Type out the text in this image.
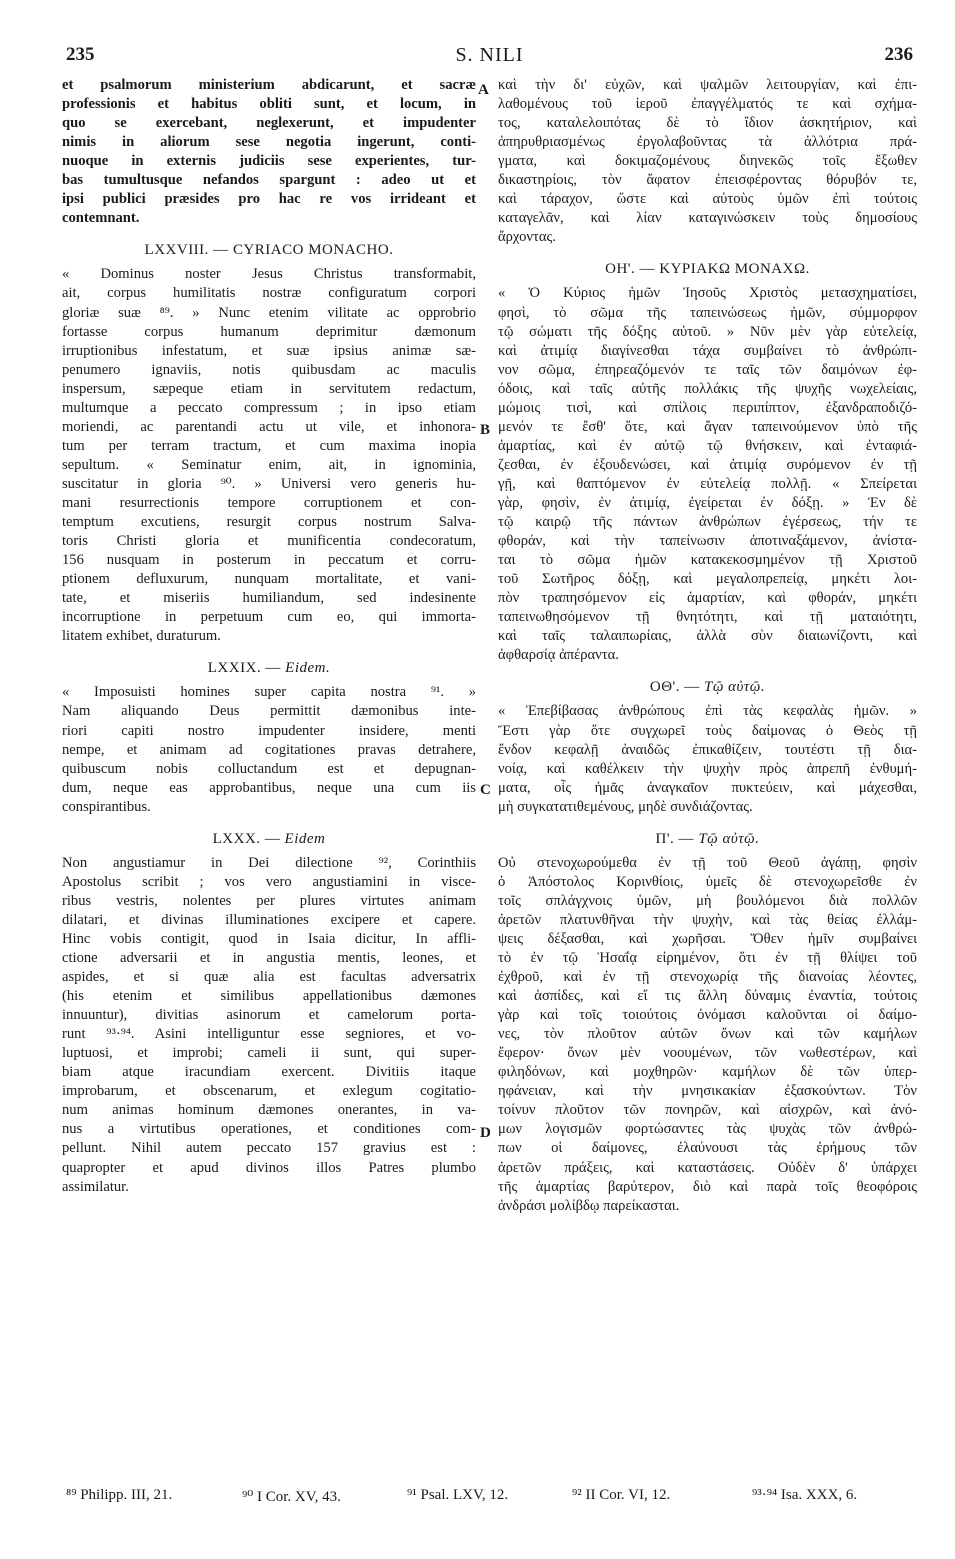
235	S. NILI	236
A
B
C
D
et psalmorum ministerium abdicarunt, et sacræ
professionis et habitus obliti sunt, et locum, in
quo se exercebant, neglexerunt, et impudenter
nimis in aliorum sese negotia ingerunt, conti-
nuoque in externis judiciis sese experientes, tur-
bas tumultusque nefandos spargunt : adeo ut et
ipsi publici præsides pro hac re vos irrideant et
contemnant.
LXXVIII. — CYRIACO MONACHO.
« Dominus noster Jesus Christus transformabit,
ait, corpus humilitatis nostræ configuratum corpori
gloriæ suæ ⁸⁹. » Nunc etenim vilitate ac opprobrio
fortasse corpus humanum deprimitur dæmonum
irruptionibus infestatum, et suæ ipsius animæ sæ-
penumero ignaviis, notis quibusdam ac maculis
inspersum, sæpeque etiam in servitutem redactum,
multumque a peccato compressum ; in ipso etiam
moriendi, ac parentandi actu ut vile, et inhonora-
tum per terram tractum, et cum maxima inopia
sepultum. « Seminatur enim, ait, in ignominia,
suscitatur in gloria ⁹⁰. » Universi vero generis hu-
mani resurrectionis tempore corruptionem et con-
temptum excutiens, resurgit corpus nostrum Salva-
toris Christi gloria et munificentia condecoratum,
156 nusquam in posterum in peccatum et corru-
ptionem defluxurum, nunquam mortalitate, et vani-
tate, et miseriis humiliandum, sed indesinente
incorruptione in perpetuum cum eo, qui immorta-
litatem exhibet, duraturum.
LXXIX. — Eidem.
« Imposuisti homines super capita nostra ⁹¹. »
Nam aliquando Deus permittit dæmonibus inte-
riori capiti nostro impudenter insidere, menti
nempe, et animam ad cogitationes pravas detrahere,
quibuscum nobis colluctandum est et depugnan-
dum, neque eas approbantibus, neque una cum iis
conspirantibus.
LXXX. — Eidem
Non angustiamur in Dei dilectione ⁹², Corinthiis
Apostolus scribit ; vos vero angustiamini in visce-
ribus vestris, nolentes per plures virtutes animam
dilatari, et divinas illuminationes excipere et capere.
Hinc vobis contigit, quod in Isaia dicitur, In affli-
ctione adversarii et in angustia mentis, leones, et
aspides, et si quæ alia est facultas adversatrix
(his etenim et similibus appellationibus dæmones
innuuntur), divitias asinorum et camelorum porta-
runt ⁹³·⁹⁴. Asini intelliguntur esse segniores, et vo-
luptuosi, et improbi; cameli ii sunt, qui super-
biam atque iracundiam exercent. Divitiis itaque
improbarum, et obscenarum, et exlegum cogitatio-
num animas hominum dæmones onerantes, in va-
nus a virtutibus operationes, et conditiones com-
pellunt. Nihil autem peccato 157 gravius est :
quapropter et apud divinos illos Patres plumbo
assimilatur.
καὶ τὴν δι' εὐχῶν, καὶ ψαλμῶν λειτουργίαν, καὶ ἐπι-
λαθομένους τοῦ ἱεροῦ ἐπαγγέλματός τε καὶ σχήμα-
τος, καταλελοιπότας δὲ τὸ ἴδιον ἀσκητήριον, καὶ
ἀπηρυθριασμένως ἐργολαβοῦντας τὰ ἀλλότρια πρά-
γματα, καὶ δοκιμαζομένους διηνεκῶς τοῖς ἔξωθεν
δικαστηρίοις, τὸν ἄφατον ἐπεισφέροντας θόρυβόν τε,
καὶ τάραχον, ὥστε καὶ αὐτοὺς ὑμῶν ἐπὶ τούτοις
καταγελᾶν, καὶ λίαν καταγινώσκειν τοὺς δημοσίους
ἄρχοντας.
ΟΗ'. — ΚΥΡΙΑΚΩ ΜΟΝΑΧΩ.
« Ὁ Κύριος ἡμῶν Ἰησοῦς Χριστὸς μετασχηματίσει,
φησὶ, τὸ σῶμα τῆς ταπεινώσεως ἡμῶν, σύμμορφον
τῷ σώματι τῆς δόξης αὐτοῦ. » Νῦν μὲν γὰρ εὐτελείᾳ,
καὶ ἀτιμίᾳ διαγίνεσθαι τάχα συμβαίνει τὸ ἀνθρώπι-
νον σῶμα, ἐπηρεαζόμενόν τε ταῖς τῶν δαιμόνων ἐφ-
όδοις, καὶ ταῖς αὐτῆς πολλάκις τῆς ψυχῆς νωχελείαις,
μώμοις τισὶ, καὶ σπίλοις περιπίπτον, ἐξανδραποδιζό-
μενόν τε ἔσθ' ὅτε, καὶ ἄγαν ταπεινούμενον ὑπὸ τῆς
ἁμαρτίας, καὶ ἐν αὐτῷ τῷ θνήσκειν, καὶ ἐνταφιά-
ζεσθαι, ἐν ἐξουδενώσει, καὶ ἀτιμίᾳ συρόμενον ἐν τῇ
γῇ, καὶ θαπτόμενον ἐν εὐτελείᾳ πολλῇ. « Σπείρεται
γὰρ, φησὶν, ἐν ἀτιμίᾳ, ἐγείρεται ἐν δόξῃ. » Ἐν δὲ
τῷ καιρῷ τῆς πάντων ἀνθρώπων ἐγέρσεως, τήν τε
φθοράν, καὶ τὴν ταπείνωσιν ἀποτιναξάμενον, ἀνίστα-
ται τὸ σῶμα ἡμῶν κατακεκοσμημένον τῇ Χριστοῦ
τοῦ Σωτῆρος δόξῃ, καὶ μεγαλοπρεπείᾳ, μηκέτι λοι-
πὸν τραπησόμενον εἰς ἁμαρτίαν, καὶ φθοράν, μηκέτι
ταπεινωθησόμενον τῇ θνητότητι, καὶ τῇ ματαιότητι,
καὶ ταῖς ταλαιπωρίαις, ἀλλὰ σὺν διαιωνίζοντι, καὶ
ἀφθαρσίᾳ ἀπέραντα.
ΟΘ'. — Τῷ αὐτῷ.
« Ἐπεβίβασας ἀνθρώπους ἐπὶ τὰς κεφαλὰς ἡμῶν. »
Ἔστι γὰρ ὅτε συγχωρεῖ τοὺς δαίμονας ὁ Θεὸς τῇ
ἔνδον κεφαλῇ ἀναιδῶς ἐπικαθίζειν, τουτέστι τῇ δια-
νοίᾳ, καὶ καθέλκειν τὴν ψυχὴν πρὸς ἀπρεπῆ ἐνθυμή-
ματα, οἷς ἡμᾶς ἀναγκαῖον πυκτεύειν, καὶ μάχεσθαι,
μὴ συγκατατιθεμένους, μηδὲ συνδιάζοντας.
Π'. — Τῷ αὐτῷ.
Οὐ στενοχωρούμεθα ἐν τῇ τοῦ Θεοῦ ἀγάπῃ, φησὶν
ὁ Ἀπόστολος Κορινθίοις, ὑμεῖς δὲ στενοχωρεῖσθε ἐν
τοῖς σπλάγχνοις ὑμῶν, μὴ βουλόμενοι διὰ πολλῶν
ἀρετῶν πλατυνθῆναι τὴν ψυχὴν, καὶ τὰς θείας ἐλλάμ-
ψεις δέξασθαι, καὶ χωρῆσαι. Ὅθεν ἡμῖν συμβαίνει
τὸ ἐν τῷ Ἡσαΐᾳ εἰρημένον, ὅτι ἐν τῇ θλίψει τοῦ
ἐχθροῦ, καὶ ἐν τῇ στενοχωρίᾳ τῆς διανοίας λέοντες,
καὶ ἀσπίδες, καὶ εἴ τις ἄλλη δύναμις ἐναντία, τούτοις
γὰρ καὶ τοῖς τοιούτοις ὀνόμασι καλοῦνται οἱ δαίμο-
νες, τὸν πλοῦτον αὐτῶν ὄνων καὶ τῶν καμήλων
ἔφερον· ὄνων μὲν νοουμένων, τῶν νωθεστέρων, καὶ
φιληδόνων, καὶ μοχθηρῶν· καμήλων δὲ τῶν ὑπερ-
ηφάνειαν, καὶ τὴν μνησικακίαν ἐξασκούντων. Τὸν
τοίνυν πλοῦτον τῶν πονηρῶν, καὶ αἰσχρῶν, καὶ ἀνό-
μων λογισμῶν φορτώσαντες τὰς ψυχὰς τῶν ἀνθρώ-
πων οἱ δαίμονες, ἐλαύνουσι τὰς ἐρήμους τῶν
ἀρετῶν πράξεις, καὶ καταστάσεις. Οὐδὲν δ' ὑπάρχει
τῆς ἁμαρτίας βαρύτερον, διὸ καὶ παρὰ τοῖς θεοφόροις
ἀνδράσι μολίβδῳ παρείκασται.
⁸⁹ Philipp. III, 21.	⁹⁰ I Cor. XV, 43.	⁹¹ Psal. LXV, 12.	⁹² II Cor. VI, 12.	⁹³·⁹⁴ Isa. XXX, 6.
